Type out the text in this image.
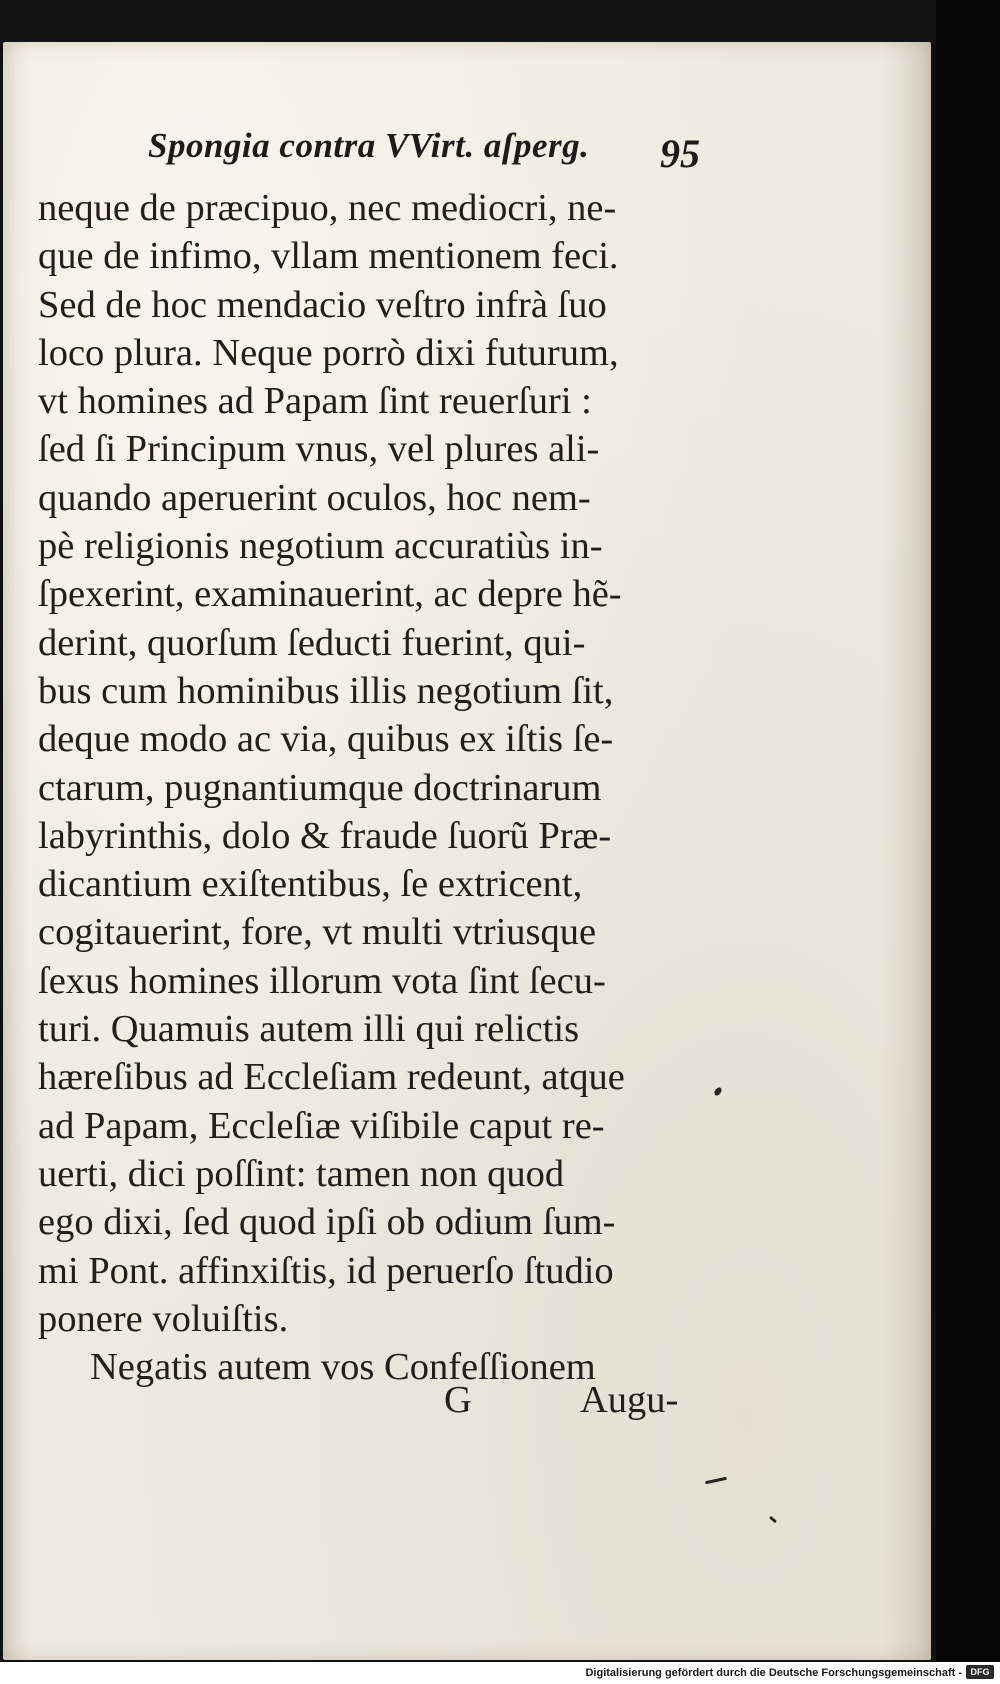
Spongia contra VVirt. aſperg.	95
neque de præcipuo, nec mediocri, ne-
que de infimo, vllam mentionem feci.
Sed de hoc mendacio veſtro infrà ſuo
loco plura. Neque porrò dixi futurum,
vt homines ad Papam ſint reuerſuri :
ſed ſi Principum vnus, vel plures ali-
quando aperuerint oculos, hoc nem-
pè religionis negotium accuratiùs in-
ſpexerint, examinauerint, ac depre hẽ-
derint, quorſum ſeducti fuerint, qui-
bus cum hominibus illis negotium ſit,
deque modo ac via, quibus ex iſtis ſe-
ctarum, pugnantiumque doctrinarum
labyrinthis, dolo & fraude ſuorũ Præ-
dicantium exiſtentibus, ſe extricent,
cogitauerint, fore, vt multi vtriusque
ſexus homines illorum vota ſint ſecu-
turi. Quamuis autem illi qui relictis
hæreſibus ad Eccleſiam redeunt, atque
ad Papam, Eccleſiæ viſibile caput re-
uerti, dici poſſint: tamen non quod
ego dixi, ſed quod ipſi ob odium ſum-
mi Pont. affinxiſtis, id peruerſo ſtudio
ponere voluiſtis.
Negatis autem vos Confeſſionem
G	Augu-
Digitalisierung gefördert durch die Deutsche Forschungsgemeinschaft - DFG
